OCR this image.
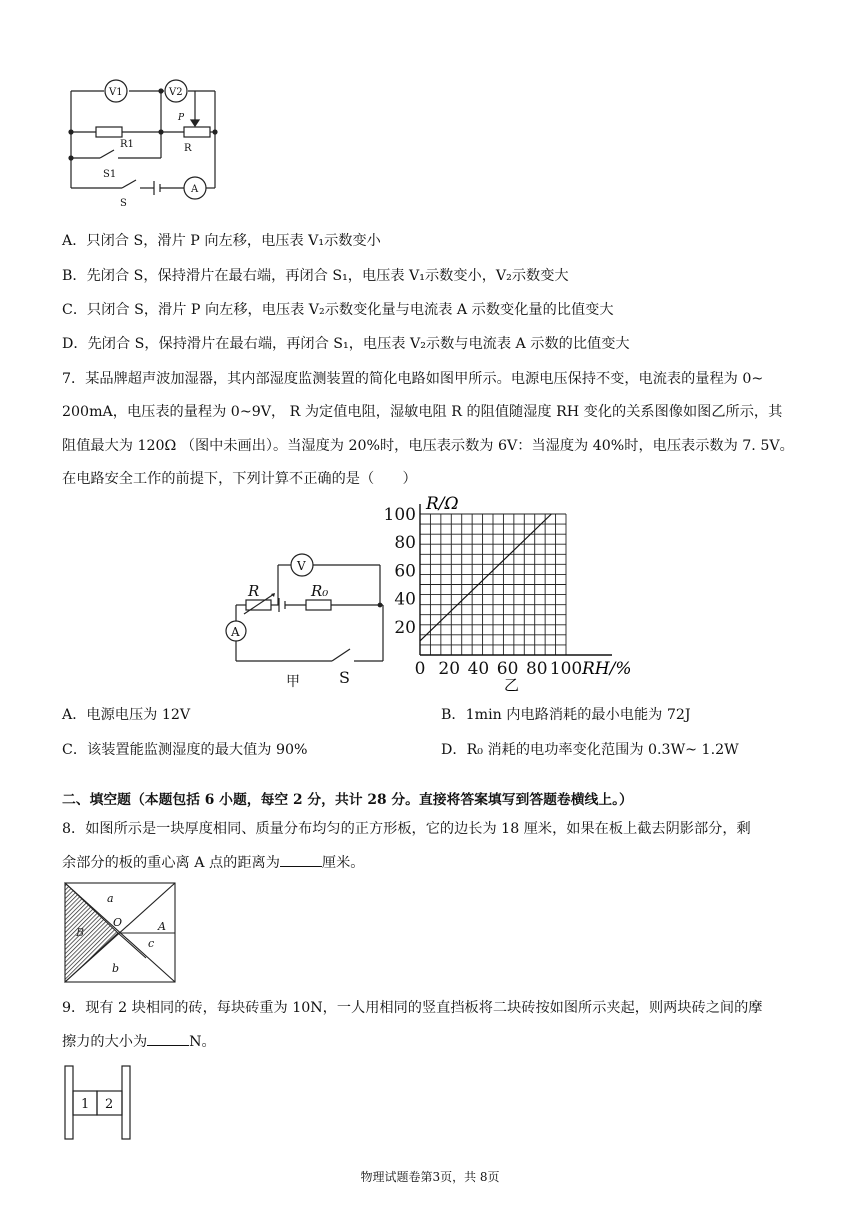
V1	V2
A
P
R
R1
S1
S
A．只闭合 S，滑片 P 向左移，电压表 V₁示数变小
B．先闭合 S，保持滑片在最右端，再闭合 S₁，电压表 V₁示数变小，V₂示数变大
C．只闭合 S，滑片 P 向左移，电压表 V₂示数变化量与电流表 A 示数变化量的比值变大
D．先闭合 S，保持滑片在最右端，再闭合 S₁，电压表 V₂示数与电流表 A 示数的比值变大
7．某品牌超声波加湿器，其内部湿度监测装置的简化电路如图甲所示。电源电压保持不变，电流表的量程为 0~
200mA，电压表的量程为 0~9V， R 为定值电阻，湿敏电阻 R 的阻值随湿度 RH 变化的关系图像如图乙所示，其
阻值最大为 120Ω （图中未画出）。当湿度为 20%时，电压表示数为 6V：当湿度为 40%时，电压表示数为 7. 5V。
在电路安全工作的前提下，下列计算不正确的是（　　）
A
V
R	R₀
S
甲
20
40
60
80
100
0 20 40 60 80 100
R/Ω
RH/%
乙
A．电源电压为 12V	B．1min 内电路消耗的最小电能为 72J
C．该装置能监测湿度的最大值为 90%	D．R₀ 消耗的电功率变化范围为 0.3W~ 1.2W
二、填空题（本题包括 6 小题，每空 2 分，共计 28 分。直接将答案填写到答题卷横线上。）
8．如图所示是一块厚度相同、质量分布均匀的正方形板，它的边长为 18 厘米，如果在板上截去阴影部分，剩
余部分的板的重心离 A 点的距离为	厘米。
a
O	A
c
b
B
9．现有 2 块相同的砖，每块砖重为 10N，一人用相同的竖直挡板将二块砖按如图所示夹起，则两块砖之间的摩
擦力的大小为	N。
1 2
物理试题卷第3页，共 8页
